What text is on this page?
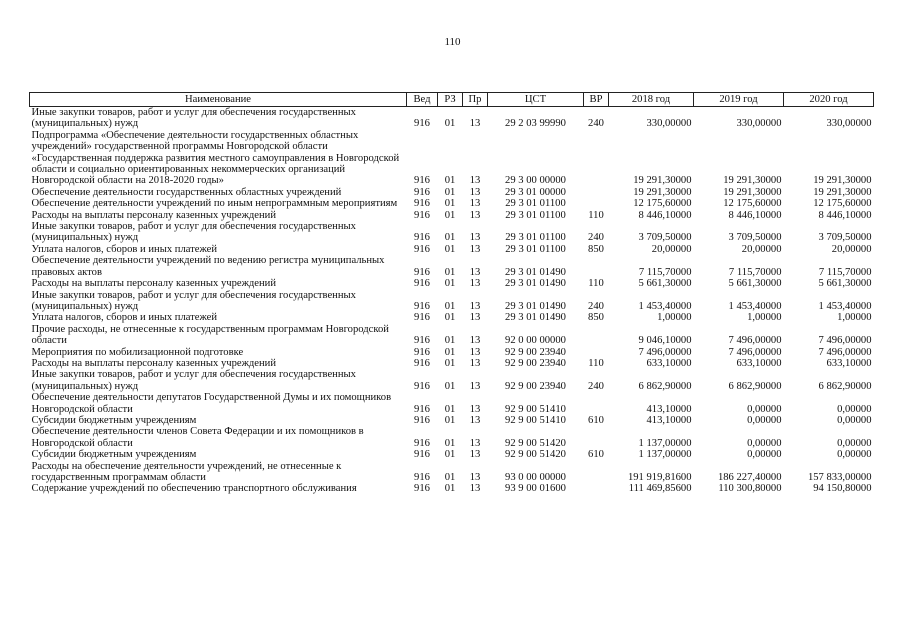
110
Наименование	Вед	РЗ	Пр	ЦСТ	ВР	2018 год	2019 год	2020 год
Иные закупки товаров, работ и услуг для обеспечения государственных (муниципальных) нужд	916	01	13	29 2 03 99990	240	330,00000	330,00000	330,00000
Подпрограмма «Обеспечение деятельности государственных областных учреждений» государственной программы Новгородской области «Государственная поддержка развития местного самоуправления в Новгородской области и социально ориентированных некоммерческих организаций Новгородской области на 2018-2020 годы»	916	01	13	29 3 00 00000		19 291,30000	19 291,30000	19 291,30000
Обеспечение деятельности государственных областных учреждений	916	01	13	29 3 01 00000		19 291,30000	19 291,30000	19 291,30000
Обеспечение деятельности учреждений по иным непрограммным мероприятиям	916	01	13	29 3 01 01100		12 175,60000	12 175,60000	12 175,60000
Расходы на выплаты персоналу казенных учреждений	916	01	13	29 3 01 01100	110	8 446,10000	8 446,10000	8 446,10000
Иные закупки товаров, работ и услуг для обеспечения государственных (муниципальных) нужд	916	01	13	29 3 01 01100	240	3 709,50000	3 709,50000	3 709,50000
Уплата налогов, сборов и иных платежей	916	01	13	29 3 01 01100	850	20,00000	20,00000	20,00000
Обеспечение деятельности учреждений по ведению регистра муниципальных правовых актов	916	01	13	29 3 01 01490		7 115,70000	7 115,70000	7 115,70000
Расходы на выплаты персоналу казенных учреждений	916	01	13	29 3 01 01490	110	5 661,30000	5 661,30000	5 661,30000
Иные закупки товаров, работ и услуг для обеспечения государственных (муниципальных) нужд	916	01	13	29 3 01 01490	240	1 453,40000	1 453,40000	1 453,40000
Уплата налогов, сборов и иных платежей	916	01	13	29 3 01 01490	850	1,00000	1,00000	1,00000
Прочие расходы, не отнесенные к государственным программам Новгородской области	916	01	13	92 0 00 00000		9 046,10000	7 496,00000	7 496,00000
Мероприятия по мобилизационной подготовке	916	01	13	92 9 00 23940		7 496,00000	7 496,00000	7 496,00000
Расходы на выплаты персоналу казенных учреждений	916	01	13	92 9 00 23940	110	633,10000	633,10000	633,10000
Иные закупки товаров, работ и услуг для обеспечения государственных (муниципальных) нужд	916	01	13	92 9 00 23940	240	6 862,90000	6 862,90000	6 862,90000
Обеспечение деятельности депутатов Государственной Думы и их помощников Новгородской области	916	01	13	92 9 00 51410		413,10000	0,00000	0,00000
Субсидии бюджетным учреждениям	916	01	13	92 9 00 51410	610	413,10000	0,00000	0,00000
Обеспечение деятельности членов Совета Федерации и их помощников в Новгородской области	916	01	13	92 9 00 51420		1 137,00000	0,00000	0,00000
Субсидии бюджетным учреждениям	916	01	13	92 9 00 51420	610	1 137,00000	0,00000	0,00000
Расходы на обеспечение деятельности учреждений, не отнесенные к государственным программам области	916	01	13	93 0 00 00000		191 919,81600	186 227,40000	157 833,00000
Содержание учреждений по обеспечению транспортного обслуживания	916	01	13	93 9 00 01600		111 469,85600	110 300,80000	94 150,80000
